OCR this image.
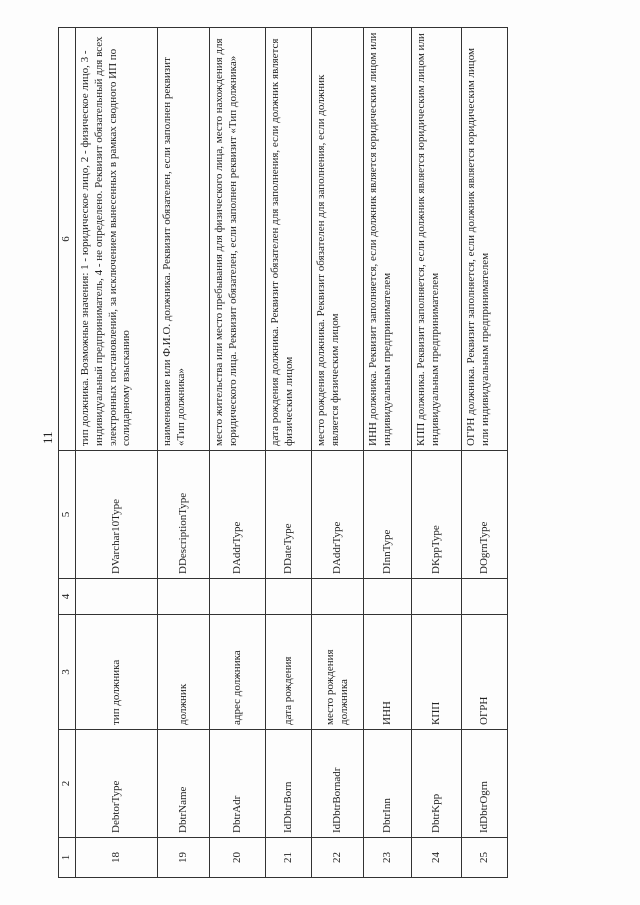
11
1	2	3	4	5	6
18	DebtorType	тип должника		DVarchar10Type	тип должника. Возможные значения: 1 - юридическое лицо, 2 - физическое лицо, 3 - индивидуальный предприниматель, 4 - не определено. Реквизит обязательный для всех электронных постановлений, за исключением вынесенных в рамках сводного ИП по солидарному взысканию
19	DbtrName	должник		DDescriptionType	наименование или Ф.И.О. должника. Реквизит обязателен, если заполнен реквизит «Тип должника»
20	DbtrAdr	адрес должника		DAddrType	место жительства или место пребывания для физического лица, место нахождения для юридического лица. Реквизит обязателен, если заполнен реквизит «Тип должника»
21	IdDbtrBorn	дата рождения		DDateType	дата рождения должника. Реквизит обязателен для заполнения, если должник является физическим лицом
22	IdDbtrBornadr	место рождения должника		DAddrType	место рождения должника. Реквизит обязателен для заполнения, если должник является физическим лицом
23	DbtrInn	ИНН		DInnType	ИНН должника. Реквизит заполняется, если должник является юридическим лицом или индивидуальным предпринимателем
24	DbtrKpp	КПП		DKppType	КПП должника. Реквизит заполняется, если должник является юридическим лицом или индивидуальным предпринимателем
25	IdDbtrOgrn	ОГРН		DOgrnType	ОГРН должника. Реквизит заполняется, если должник является юридическим лицом или индивидуальным предпринимателем
